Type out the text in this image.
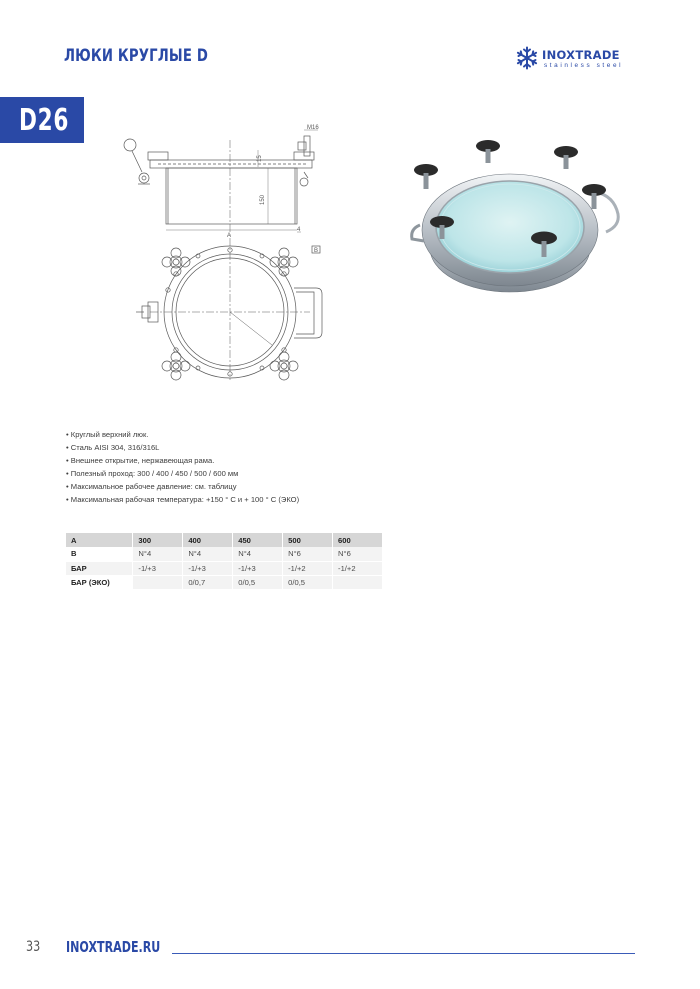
ЛЮКИ КРУГЛЫЕ D	INOXTRADE
stainless steel
D26	M16
15
150
A
4
B
• Круглый верхний люк.
• Сталь AISI 304, 316/316L
• Внешнее открытие, нержавеющая рама.
• Полезный проход: 300 / 400 / 450 / 500 / 600 мм
• Максимальное рабочее давление: см. таблицу
• Максимальная рабочая температура: +150 ° C и + 100 ° C (ЭКО)
A	300	400	450	500	600
B	N°4	N°4	N°4	N°6	N°6
БАР	-1/+3	-1/+3	-1/+3	-1/+2	-1/+2
БАР (ЭКО)		0/0,7	0/0,5	0/0,5	
33 INOXTRADE.RU
